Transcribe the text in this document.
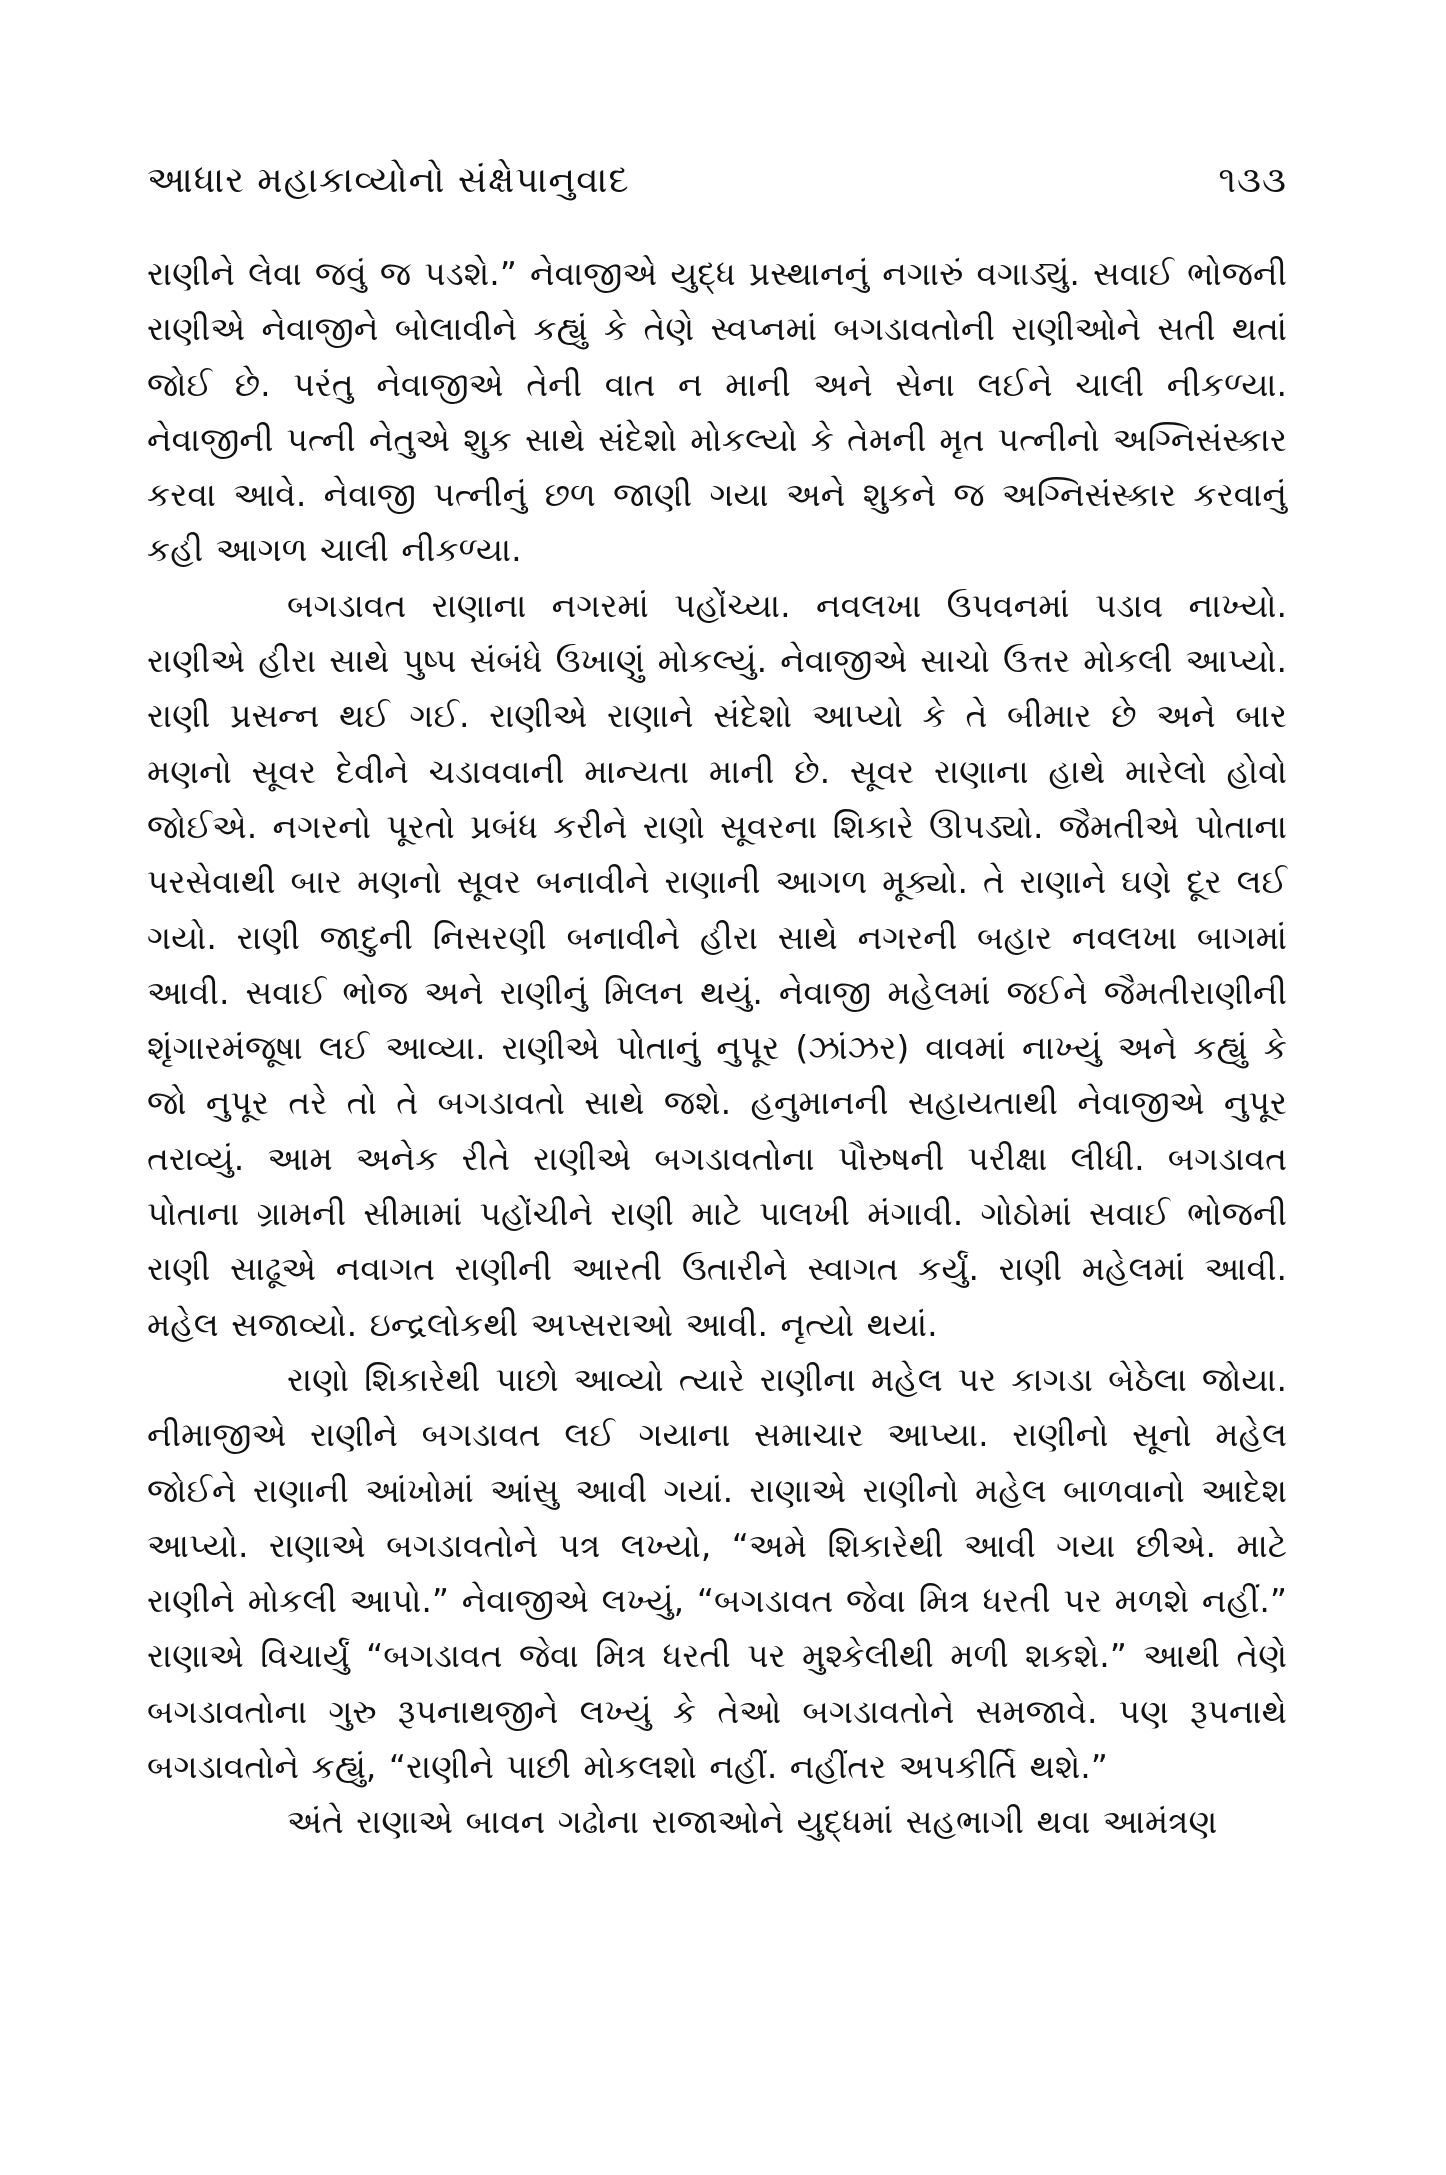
આધાર મહાકાવ્યોનો સંક્ષેપાનુવાદ	૧૩૩

રાણીને લેવા જવું જ પડશે.” નેવાજીએ યુદ્ધ પ્રસ્થાનનું નગારું વગાડ્યું. સવાઈ ભોજની રાણીએ નેવાજીને બોલાવીને કહ્યું કે તેણે સ્વપ્નમાં બગડાવતોની રાણીઓને સતી થતાં જોઈ છે. પરંતુ નેવાજીએ તેની વાત ન માની અને સેના લઈને ચાલી નીકળ્યા. નેવાજીની પત્ની નેતુએ શુક સાથે સંદેશો મોકલ્યો કે તેમની મૃત પત્નીનો અગ્નિસંસ્કાર કરવા આવે. નેવાજી પત્નીનું છળ જાણી ગયા અને શુકને જ અગ્નિસંસ્કાર કરવાનું કહી આગળ ચાલી નીકળ્યા.

બગડાવત રાણાના નગરમાં પહોંચ્યા. નવલખા ઉપવનમાં પડાવ નાખ્યો. રાણીએ હીરા સાથે પુષ્પ સંબંધે ઉખાણું મોકલ્યું. નેવાજીએ સાચો ઉત્તર મોકલી આપ્યો. રાણી પ્રસન્ન થઈ ગઈ. રાણીએ રાણાને સંદેશો આપ્યો કે તે બીમાર છે અને બાર મણનો સૂવર દેવીને ચડાવવાની માન્યતા માની છે. સૂવર રાણાના હાથે મારેલો હોવો જોઈએ. નગરનો પૂરતો પ્રબંધ કરીને રાણો સૂવરના શિકારે ઊપડ્યો. જૈમતીએ પોતાના પરસેવાથી બાર મણનો સૂવર બનાવીને રાણાની આગળ મૂક્યો. તે રાણાને ઘણે દૂર લઈ ગયો. રાણી જાદુની નિસરણી બનાવીને હીરા સાથે નગરની બહાર નવલખા બાગમાં આવી. સવાઈ ભોજ અને રાણીનું મિલન થયું. નેવાજી મહેલમાં જઈને જૈમતીરાણીની શૃંગારમંજૂષા લઈ આવ્યા. રાણીએ પોતાનું નુપૂર (ઝાંઝર) વાવમાં નાખ્યું અને કહ્યું કે જો નુપૂર તરે તો તે બગડાવતો સાથે જશે. હનુમાનની સહાયતાથી નેવાજીએ નુપૂર તરાવ્યું. આમ અનેક રીતે રાણીએ બગડાવતોના પૌરુષની પરીક્ષા લીધી. બગડાવત પોતાના ગ્રામની સીમામાં પહોંચીને રાણી માટે પાલખી મંગાવી. ગોઠોમાં સવાઈ ભોજની રાણી સાઢૂએ નવાગત રાણીની આરતી ઉતારીને સ્વાગત કર્યું. રાણી મહેલમાં આવી. મહેલ સજાવ્યો. ઇન્દ્રલોકથી અપ્સરાઓ આવી. નૃત્યો થયાં.

રાણો શિકારેથી પાછો આવ્યો ત્યારે રાણીના મહેલ પર કાગડા બેઠેલા જોયા. નીમાજીએ રાણીને બગડાવત લઈ ગયાના સમાચાર આપ્યા. રાણીનો સૂનો મહેલ જોઈને રાણાની આંખોમાં આંસુ આવી ગયાં. રાણાએ રાણીનો મહેલ બાળવાનો આદેશ આપ્યો. રાણાએ બગડાવતોને પત્ર લખ્યો, “અમે શિકારેથી આવી ગયા છીએ. માટે રાણીને મોકલી આપો.” નેવાજીએ લખ્યું, “બગડાવત જેવા મિત્ર ધરતી પર મળશે નહીં.” રાણાએ વિચાર્યું “બગડાવત જેવા મિત્ર ધરતી પર મુશ્કેલીથી મળી શકશે.” આથી તેણે બગડાવતોના ગુરુ રૂપનાથજીને લખ્યું કે તેઓ બગડાવતોને સમજાવે. પણ રૂપનાથે બગડાવતોને કહ્યું, “રાણીને પાછી મોકલશો નહીં. નહીંતર અપકીર્તિ થશે.”

અંતે રાણાએ બાવન ગઢોના રાજાઓને યુદ્ધમાં સહભાગી થવા આમંત્રણ
